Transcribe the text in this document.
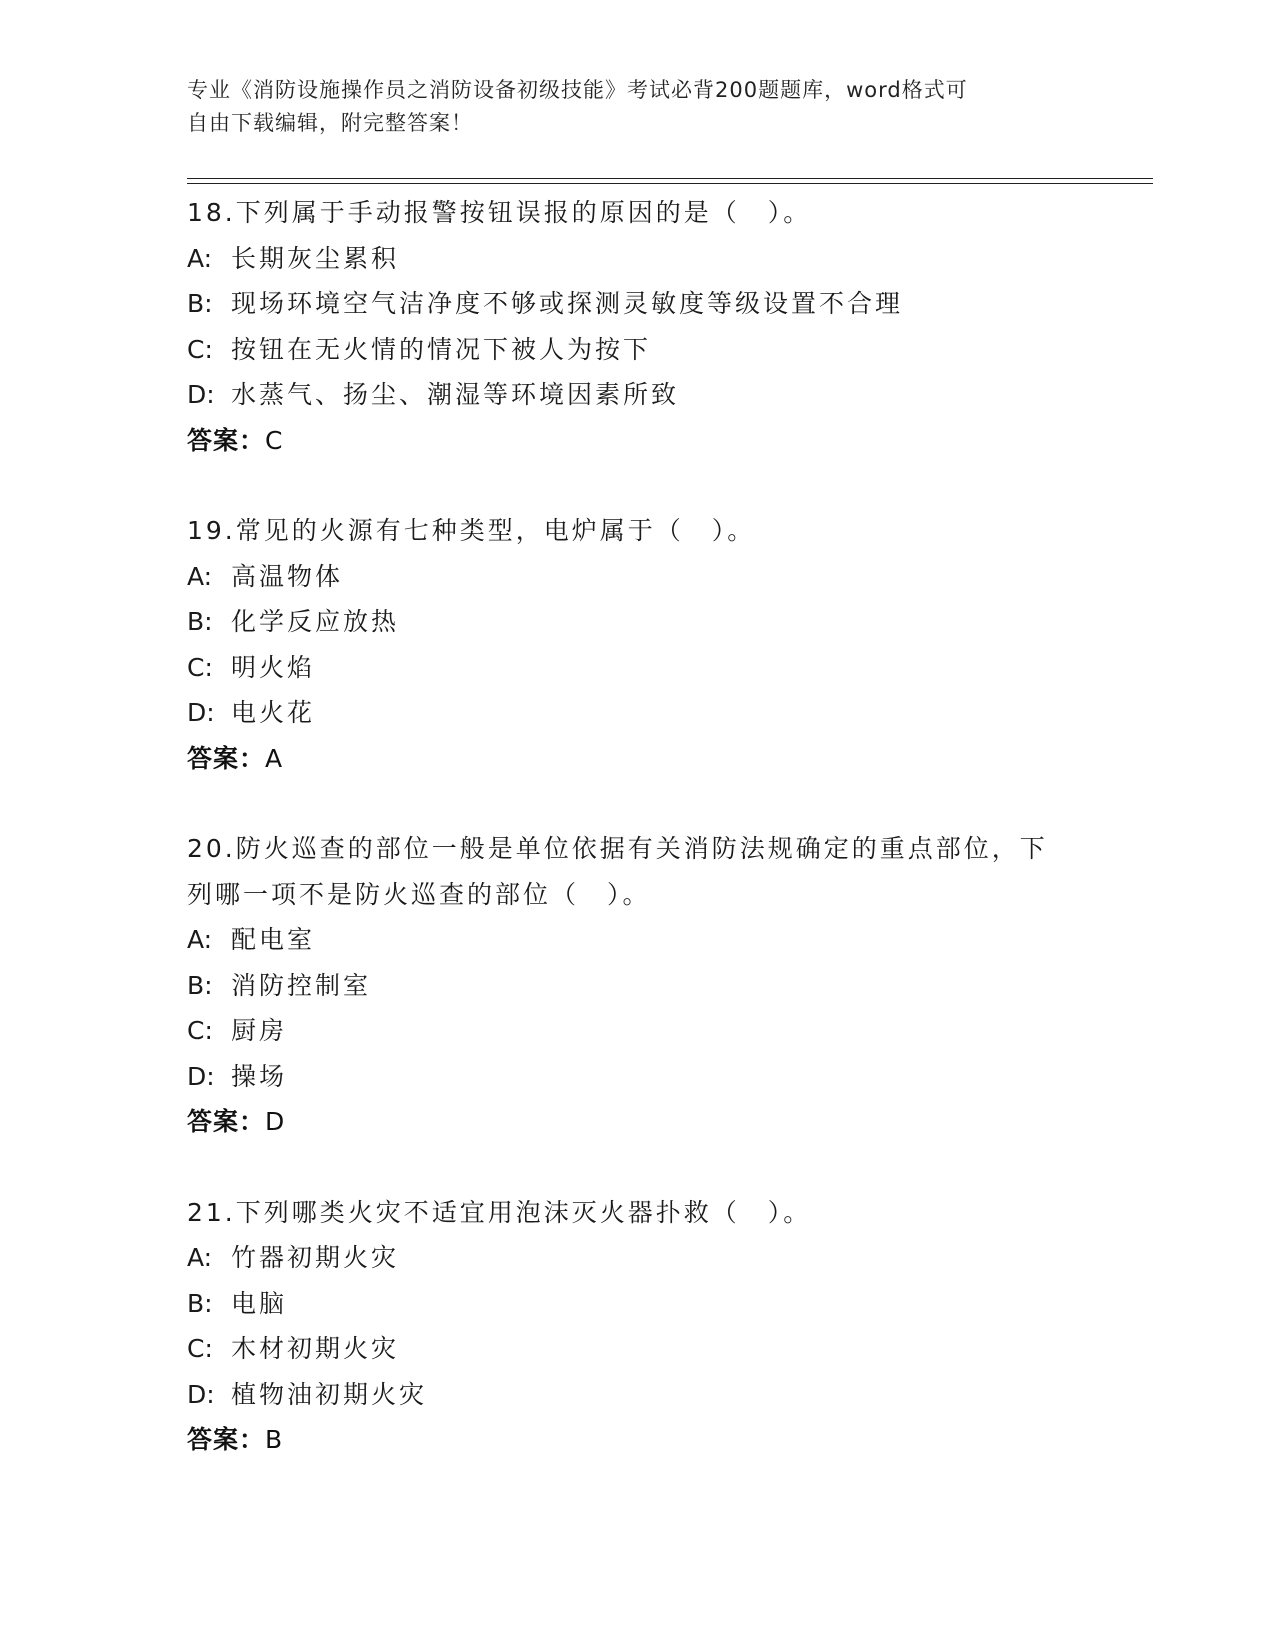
专业《消防设施操作员之消防设备初级技能》考试必背200题题库，word格式可
自由下载编辑，附完整答案！
18.下列属于手动报警按钮误报的原因的是（　）。
A: 长期灰尘累积
B: 现场环境空气洁净度不够或探测灵敏度等级设置不合理
C: 按钮在无火情的情况下被人为按下
D: 水蒸气、扬尘、潮湿等环境因素所致
答案：C
19.常见的火源有七种类型，电炉属于（　）。
A: 高温物体
B: 化学反应放热
C: 明火焰
D: 电火花
答案：A
20.防火巡查的部位一般是单位依据有关消防法规确定的重点部位，下
列哪一项不是防火巡查的部位（　）。
A: 配电室
B: 消防控制室
C: 厨房
D: 操场
答案：D
21.下列哪类火灾不适宜用泡沫灭火器扑救（　）。
A: 竹器初期火灾
B: 电脑
C: 木材初期火灾
D: 植物油初期火灾
答案：B
